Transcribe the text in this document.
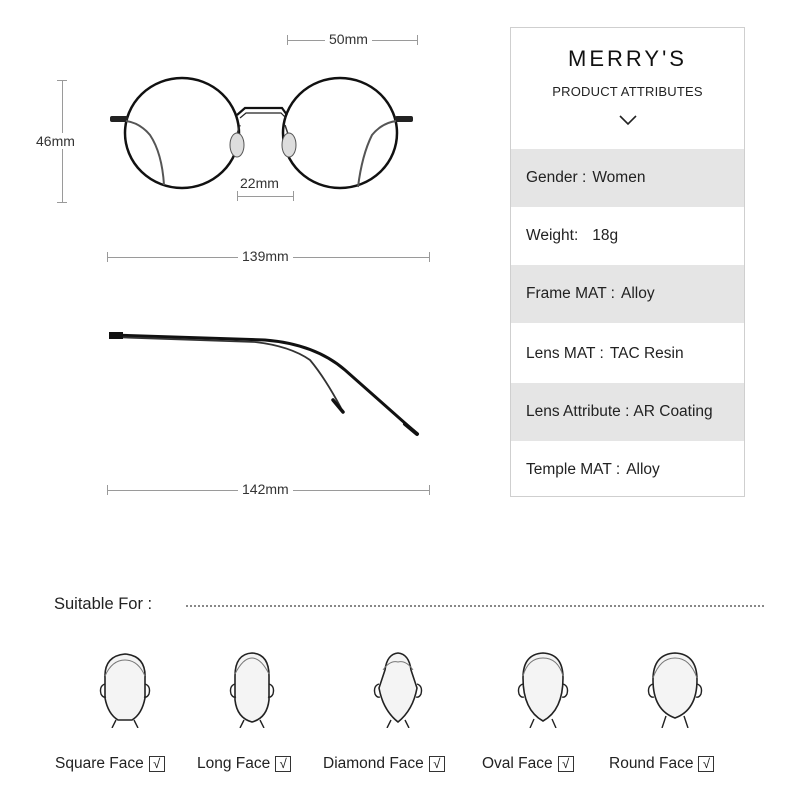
50mm
46mm
22mm
139mm
142mm
MERRY'S
PRODUCT ATTRIBUTES
Gender : Women
Weight: 18g
Frame MAT : Alloy
Lens MAT : TAC Resin
Lens Attribute : AR Coating
Temple MAT : Alloy
Suitable For :
Square Face √ Long Face √ Diamond Face √	Oval Face √	Round Face √
